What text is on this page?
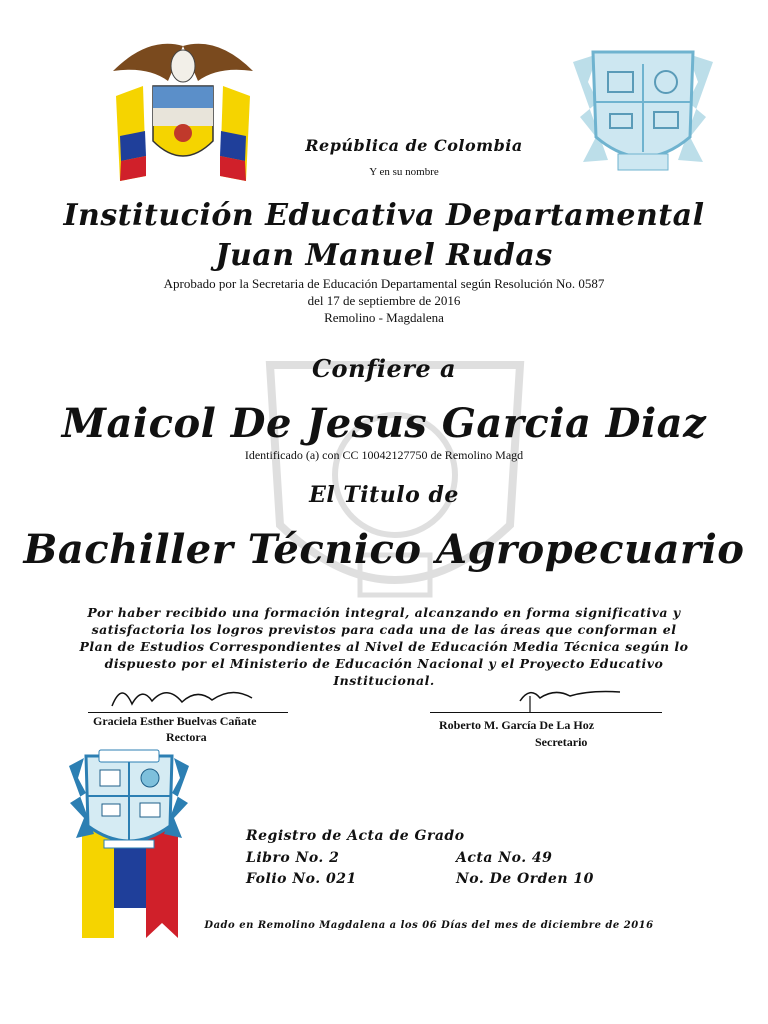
República de Colombia
Y en su nombre
Institución Educativa Departamental
Juan Manuel Rudas
Aprobado por la Secretaria de Educación Departamental según Resolución No. 0587
del 17 de septiembre de 2016
Remolino - Magdalena
Confiere a
Maicol De Jesus Garcia Diaz
Identificado (a) con CC 10042127750 de Remolino Magd
El Titulo de
Bachiller Técnico Agropecuario
Por haber recibido una formación integral, alcanzando en forma significativa y satisfactoria los logros previstos para cada una de las áreas que conforman el Plan de Estudios Correspondientes al Nivel de Educación Media Técnica según lo dispuesto por el Ministerio de Educación Nacional y el Proyecto Educativo Institucional.
Graciela Esther Buelvas Cañate
Rectora
Roberto M. García De La Hoz
Secretario
Registro de Acta de Grado
Libro No. 2
Folio No. 021
Acta No. 49
No. De Orden 10
Dado en Remolino Magdalena a los 06 Días del mes de diciembre de 2016
